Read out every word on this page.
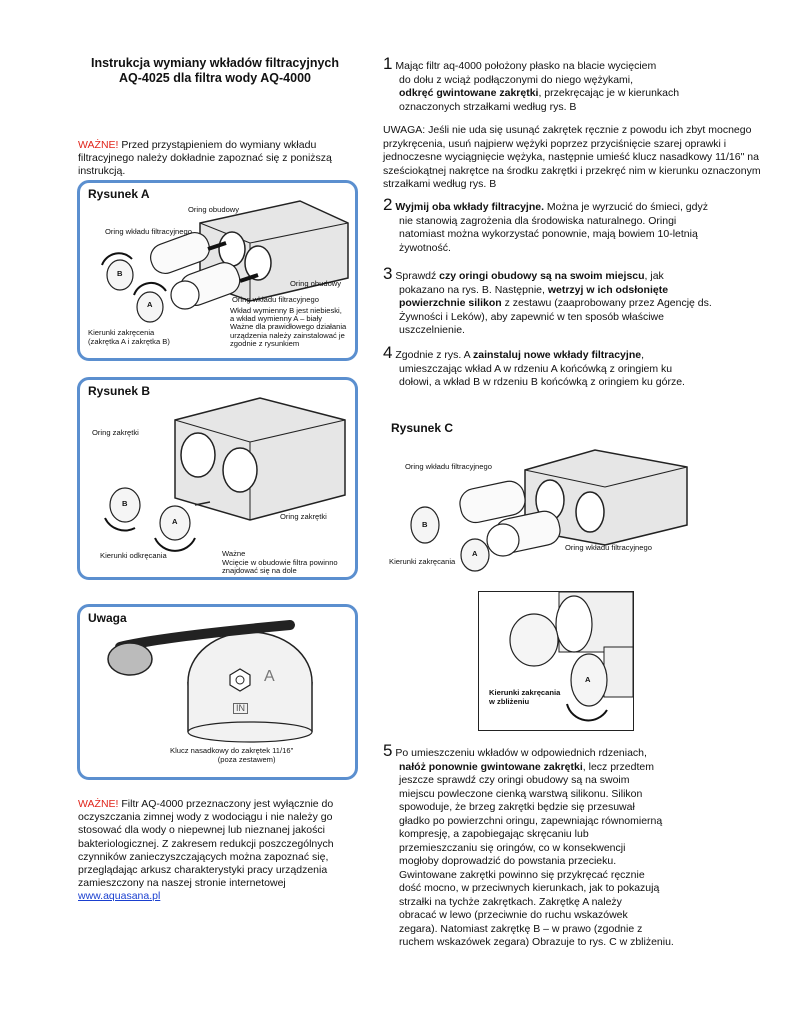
Instrukcja wymiany wkładów filtracyjnych
AQ-4025 dla filtra wody AQ-4000
WAŻNE! Przed przystąpieniem do wymiany wkładu filtracyjnego należy dokładnie zapoznać się z poniższą instrukcją.
Rysunek A
Oring obudowy
Oring wkładu filtracyjnego
Oring obudowy
Oring wkładu filtracyjnego
Wkład wymienny B jest niebieski,
a wkład wymienny A – biały
Ważne dla prawidłowego działania
urządzenia należy zainstalować je
zgodnie z rysunkiem
Kierunki zakręcenia
(zakrętka A i zakrętka B)
A
B
Rysunek B
Oring zakrętki
Oring zakrętki
Kierunki odkręcania	Ważne
Wcięcie w obudowie filtra powinno
znajdować się na dole
B
A
Uwaga
A
IN
Klucz nasadkowy do zakrętek 11/16"
(poza zestawem)
WAŻNE! Filtr AQ-4000 przeznaczony jest wyłącznie do oczyszczania zimnej wody z wodociągu i nie należy go stosować dla wody o niepewnej lub nieznanej jakości bakteriologicznej. Z zakresem redukcji poszczególnych czynników zanieczyszczających można zapoznać się, przeglądając arkusz charakterystyki pracy urządzenia zamieszczony na naszej stronie internetowej www.aquasana.pl
1 Mając filtr aq-4000 położony płasko na blacie wycięciem
do dołu z wciąż podłączonymi do niego wężykami,
odkręć gwintowane zakrętki, przekręcając je w kierunkach
oznaczonych strzałkami według rys. B
UWAGA: Jeśli nie uda się usunąć zakrętek ręcznie z powodu ich zbyt mocnego przykręcenia, usuń najpierw wężyki poprzez przyciśnięcie szarej oprawki i jednoczesne wyciągnięcie wężyka, następnie umieść klucz nasadkowy 11/16" na sześciokątnej nakrętce na środku zakrętki i przekręć nim w kierunku oznaczonym strzałkami według rys. B
2 Wyjmij oba wkłady filtracyjne. Można je wyrzucić do śmieci, gdyż
nie stanowią zagrożenia dla środowiska naturalnego. Oringi
natomiast można wykorzystać ponownie, mają bowiem 10-letnią
żywotność.
3 Sprawdź czy oringi obudowy są na swoim miejscu, jak
pokazano na rys. B. Następnie, wetrzyj w ich odsłonięte
powierzchnie silikon z zestawu (zaaprobowany przez Agencję ds.
Żywności i Leków), aby zapewnić w ten sposób właściwe
uszczelnienie.
4 Zgodnie z rys. A zainstaluj nowe wkłady filtracyjne,
umieszczając wkład A w rdzeniu A końcówką z oringiem ku
dołowi, a wkład B w rdzeniu B końcówką z oringiem ku górze.
Rysunek C
Oring wkładu filtracyjnego
Oring wkładu filtracyjnego
Kierunki zakręcania
B
A
Kierunki zakręcania
w zbliżeniu
A
5 Po umieszczeniu wkładów w odpowiednich rdzeniach,
nałóż ponownie gwintowane zakrętki, lecz przedtem
jeszcze sprawdź czy oringi obudowy są na swoim
miejscu powleczone cienką warstwą silikonu. Silikon
spowoduje, że brzeg zakrętki będzie się przesuwał
gładko po powierzchni oringu, zapewniając równomierną
kompresję, a zapobiegając skręcaniu lub
przemieszczaniu się oringów, co w konsekwencji
mogłoby doprowadzić do powstania przecieku.
Gwintowane zakrętki powinno się przykręcać ręcznie
dość mocno, w przeciwnych kierunkach, jak to pokazują
strzałki na tychże zakrętkach. Zakrętkę A należy
obracać w lewo (przeciwnie do ruchu wskazówek
zegara). Natomiast zakrętkę B – w prawo (zgodnie z
ruchem wskazówek zegara) Obrazuje to rys. C w zbliżeniu.
